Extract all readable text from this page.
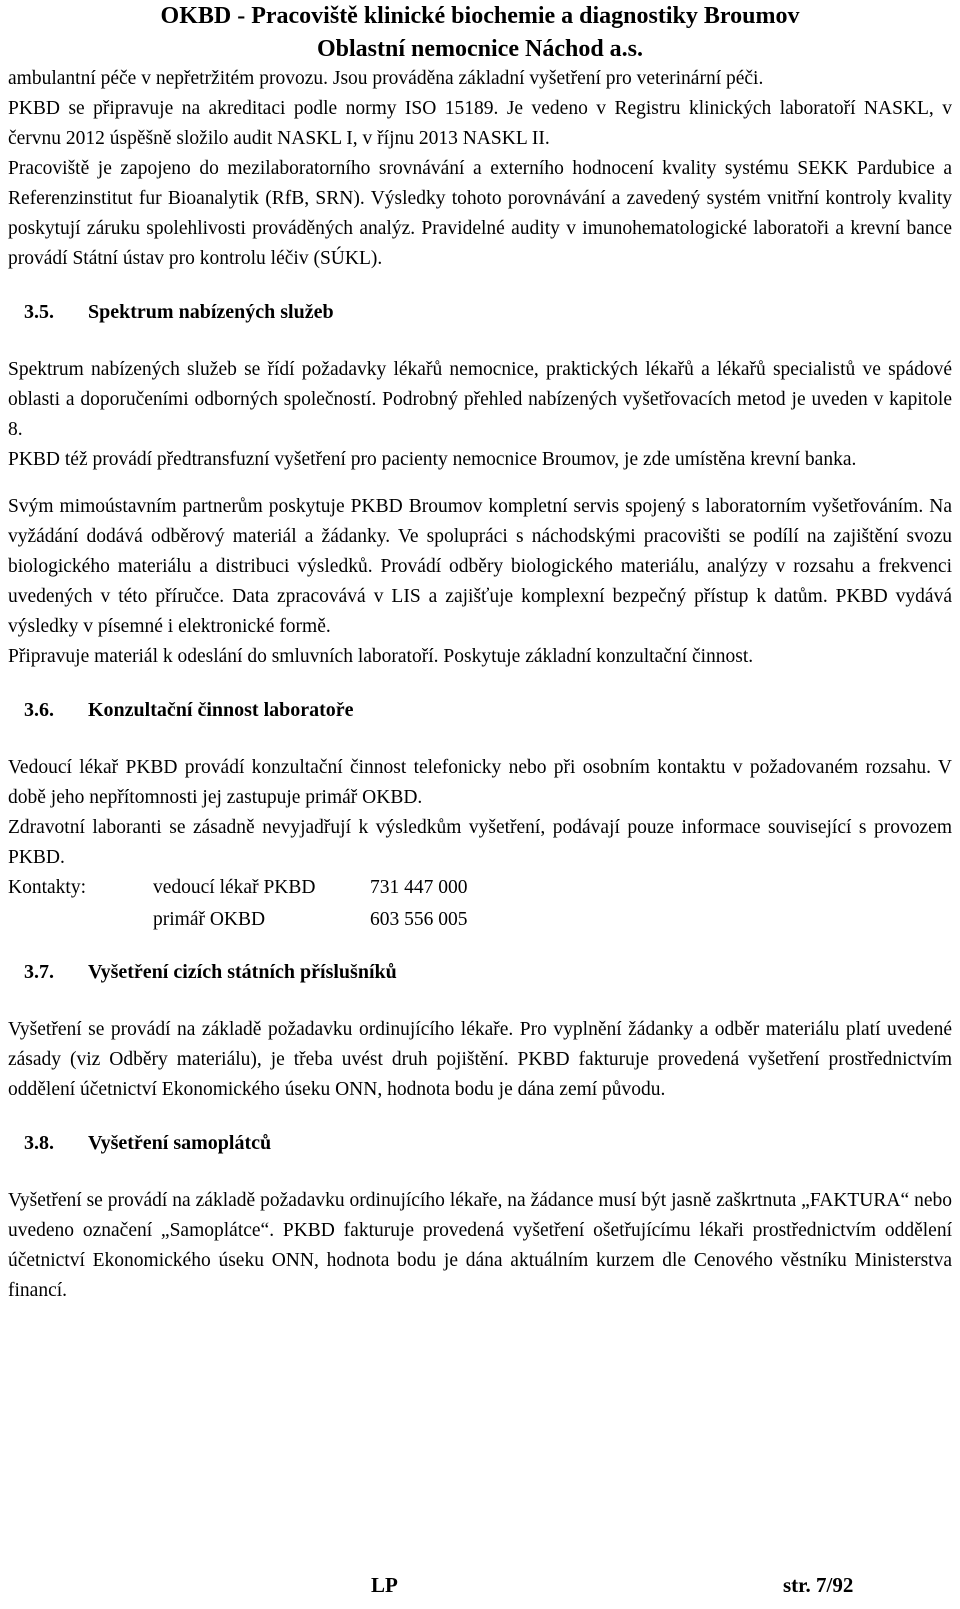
OKBD - Pracoviště klinické biochemie a diagnostiky Broumov
Oblastní nemocnice Náchod a.s.

ambulantní péče v nepřetržitém provozu. Jsou prováděna základní vyšetření pro veterinární péči.

PKBD se připravuje na akreditaci podle normy ISO 15189. Je vedeno v Registru klinických laboratoří NASKL, v červnu 2012 úspěšně složilo audit NASKL I, v říjnu 2013 NASKL II.

Pracoviště je zapojeno do mezilaboratorního srovnávání a externího hodnocení kvality systému SEKK Pardubice a Referenzinstitut fur Bioanalytik (RfB, SRN). Výsledky tohoto porovnávání a zavedený systém vnitřní kontroly kvality poskytují záruku spolehlivosti prováděných analýz. Pravidelné audity v imunohematologické laboratoři a krevní bance provádí Státní ústav pro kontrolu léčiv (SÚKL).

3.5. Spektrum nabízených služeb

Spektrum nabízených služeb se řídí požadavky lékařů nemocnice, praktických lékařů a lékařů specialistů ve spádové oblasti a doporučeními odborných společností. Podrobný přehled nabízených vyšetřovacích metod je uveden v kapitole 8.

PKBD též provádí předtransfuzní vyšetření pro pacienty nemocnice Broumov, je zde umístěna krevní banka.

Svým mimoústavním partnerům poskytuje PKBD Broumov kompletní servis spojený s laboratorním vyšetřováním. Na vyžádání dodává odběrový materiál a žádanky. Ve spolupráci s náchodskými pracovišti se podílí na zajištění svozu biologického materiálu a distribuci výsledků. Provádí odběry biologického materiálu, analýzy v rozsahu a frekvenci uvedených v této příručce. Data zpracovává v LIS a zajišťuje komplexní bezpečný přístup k datům. PKBD vydává výsledky v písemné i elektronické formě.

Připravuje materiál k odeslání do smluvních laboratoří. Poskytuje základní konzultační činnost.

3.6. Konzultační činnost laboratoře

Vedoucí lékař PKBD provádí konzultační činnost telefonicky nebo při osobním kontaktu v požadovaném rozsahu. V době jeho nepřítomnosti jej zastupuje primář OKBD.

Zdravotní laboranti se zásadně nevyjadřují k výsledkům vyšetření, podávají pouze informace související s provozem PKBD.

Kontakty:	vedoucí lékař PKBD	731 447 000
primář OKBD	603 556 005
3.7. Vyšetření cizích státních příslušníků

Vyšetření se provádí na základě požadavku ordinujícího lékaře. Pro vyplnění žádanky a odběr materiálu platí uvedené zásady (viz Odběry materiálu), je třeba uvést druh pojištění. PKBD fakturuje provedená vyšetření prostřednictvím oddělení účetnictví Ekonomického úseku ONN, hodnota bodu je dána zemí původu.

3.8. Vyšetření samoplátců

Vyšetření se provádí na základě požadavku ordinujícího lékaře, na žádance musí být jasně zaškrtnuta „FAKTURA“ nebo uvedeno označení „Samoplátce“. PKBD fakturuje provedená vyšetření ošetřujícímu lékaři prostřednictvím oddělení účetnictví Ekonomického úseku ONN, hodnota bodu je dána aktuálním kurzem dle Cenového věstníku Ministerstva financí.

LP	str. 7/92
